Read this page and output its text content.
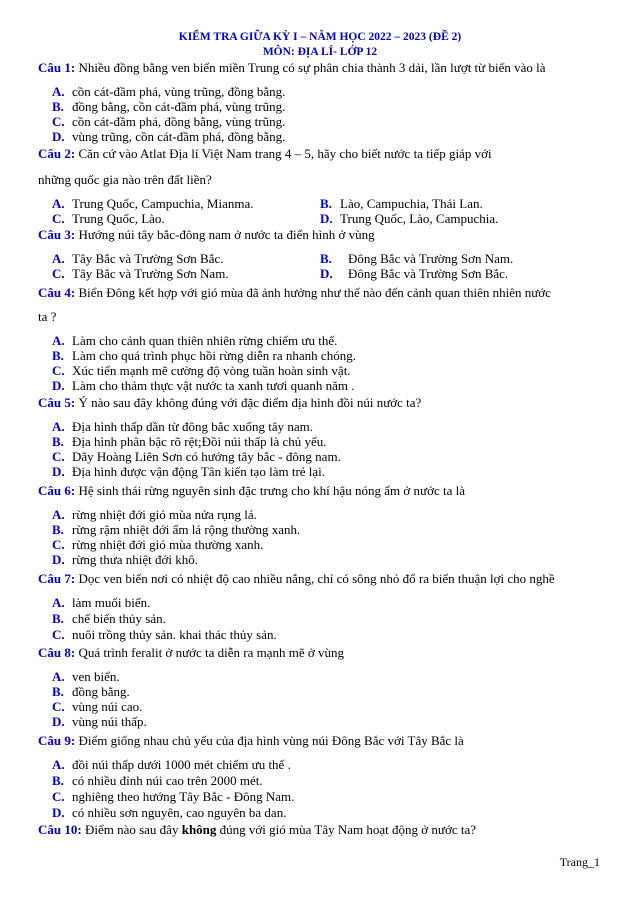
KIỂM TRA GIỮA KỲ I – NĂM HỌC 2022 – 2023 (ĐỀ 2)
MÔN: ĐỊA LÍ- LỚP 12
Câu 1: Nhiều đồng bằng ven biển miền Trung có sự phân chia thành 3 dải, lần lượt từ biển vào là
A. cồn cát-đầm phá, vùng trũng, đồng bằng.
B. đồng bằng, cồn cát-đầm phá, vùng trũng.
C. cồn cát-đầm phá, đồng bằng, vùng trũng.
D. vùng trũng, cồn cát-đầm phá, đồng bằng.
Câu 2: Căn cứ vào Atlat Địa lí Việt Nam trang 4 – 5, hãy cho biết nước ta tiếp giáp với
những quốc gia nào trên đất liền?
A. Trung Quốc, Campuchia, Mianma.	B. Lào, Campuchia, Thái Lan.
C. Trung Quốc, Lào.	D. Trung Quốc, Lào, Campuchia.
Câu 3: Hướng núi tây bắc-đông nam ở nước ta điển hình ở vùng
A. Tây Bắc và Trường Sơn Bắc.	B. Đông Bắc và Trường Sơn Nam.
C. Tây Bắc và Trường Sơn Nam.	D. Đông Bắc và Trường Sơn Bắc.
Câu 4: Biển Đông kết hợp với gió mùa đã ảnh hưởng như thế nào đến cảnh quan thiên nhiên nước
ta ?
A. Làm cho cảnh quan thiên nhiên rừng chiếm ưu thế.
B. Làm cho quá trình phục hồi rừng diễn ra nhanh chóng.
C. Xúc tiến mạnh mẽ cường độ vòng tuần hoàn sinh vật.
D. Làm cho thảm thực vật nước ta xanh tươi quanh năm .
Câu 5: Ý nào sau đây không đúng với đặc điểm địa hình đồi núi nước ta?
A. Địa hình thấp dần từ đông bắc xuống tây nam.
B. Địa hình phân bậc rõ rệt;Đồi núi thấp là chủ yếu.
C. Dãy Hoàng Liên Sơn có hướng tây bắc - đông nam.
D. Địa hình được vận động Tân kiến tạo làm trẻ lại.
Câu 6: Hệ sinh thái rừng nguyên sinh đặc trưng cho khí hậu nóng ẩm ở nước ta là
A. rừng nhiệt đới gió mùa nửa rụng lá.
B. rừng rậm nhiệt đới ẩm lá rộng thường xanh.
C. rừng nhiệt đới gió mùa thường xanh.
D. rừng thưa nhiệt đới khô.
Câu 7: Dọc ven biển nơi có nhiệt độ cao nhiều nắng, chỉ có sông nhỏ đổ ra biển thuận lợi cho nghề
A. làm muối biển.
B. chế biến thủy sản.
C. nuôi trồng thủy sản. khai thác thủy sản.
Câu 8: Quá trình feralit ở nước ta diễn ra mạnh mẽ ở vùng
A. ven biển.
B. đồng bằng.
C. vùng núi cao.
D. vùng núi thấp.
Câu 9: Điểm giống nhau chủ yếu của địa hình vùng núi Đông Bắc với Tây Bắc là
A. đồi núi thấp dưới 1000 mét chiếm ưu thế .
B. có nhiều đỉnh núi cao trên 2000 mét.
C. nghiêng theo hướng Tây Bắc - Đông Nam.
D. có nhiều sơn nguyên, cao nguyên ba dan.
Câu 10: Điểm nào sau đây không đúng với gió mùa Tây Nam hoạt động ở nước ta?
Trang_1
